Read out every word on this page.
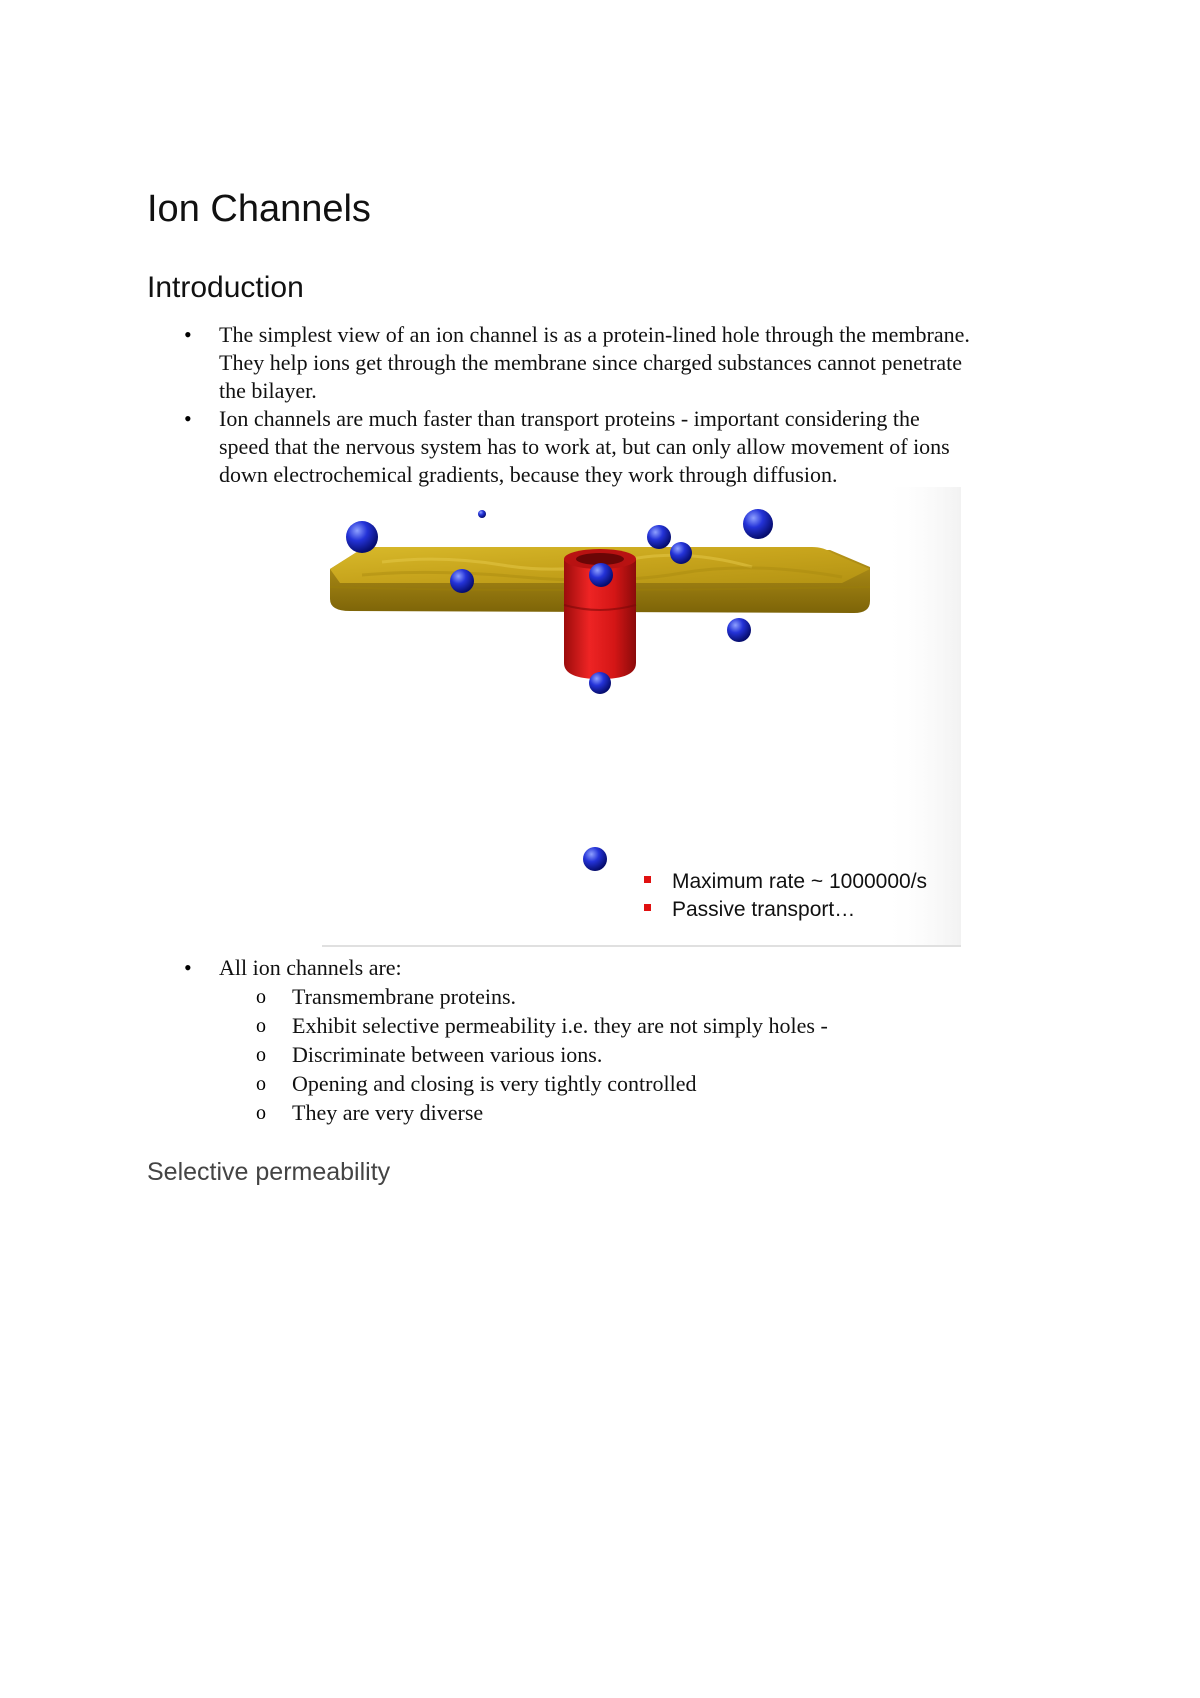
Ion Channels
Introduction
• The simplest view of an ion channel is as a protein-lined hole through the membrane.
They help ions get through the membrane since charged substances cannot penetrate
the bilayer.
• Ion channels are much faster than transport proteins - important considering the
speed that the nervous system has to work at, but can only allow movement of ions
down electrochemical gradients, because they work through diffusion.
Maximum rate ~ 1000000/s
Passive transport…
• All ion channels are:
o Transmembrane proteins.
o Exhibit selective permeability i.e. they are not simply holes -
o Discriminate between various ions.
o Opening and closing is very tightly controlled
o They are very diverse
Selective permeability
